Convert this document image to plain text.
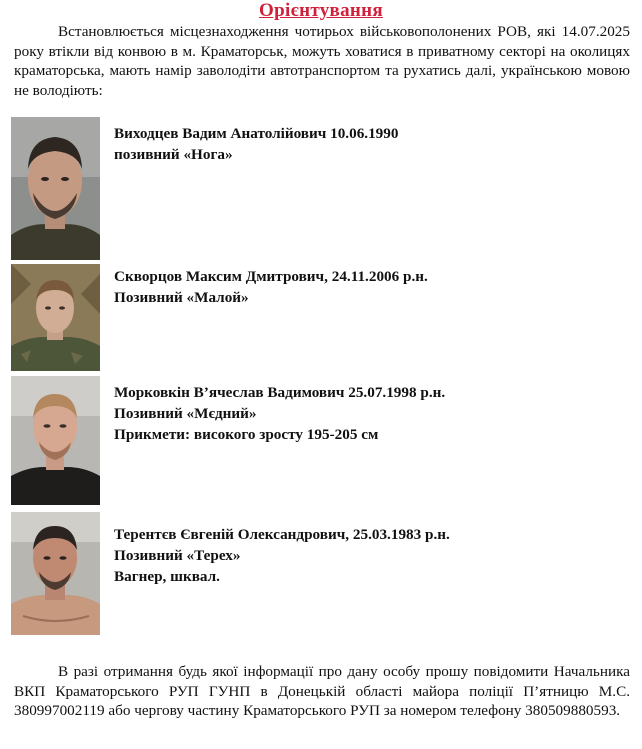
Орієнтування
Встановлюється місцезнаходження чотирьох військовополонених РОВ, які 14.07.2025 року втікли від конвою в м. Краматорськ, можуть ховатися в приватному секторі на околицях краматорська, мають намір заволодіти автотранспортом та рухатись далі, українською мовою не володіють:
Виходцев Вадим Анатолійович 10.06.1990
позивний «Нога»
Скворцов Максим Дмитрович, 24.11.2006 р.н.
Позивний «Малой»
Морковкін В’ячеслав Вадимович 25.07.1998 р.н.
Позивний «Мєдний»
Прикмети: високого зросту 195-205 см
Терентєв Євгеній Олександрович, 25.03.1983 р.н.
Позивний «Терех»
Вагнер, шквал.
В разі отримання будь якої інформації про дану особу прошу повідомити Начальника ВКП Краматорського РУП ГУНП в Донецькій області майора поліції П’ятницю М.С. 380997002119 або чергову частину Краматорського РУП за номером телефону 380509880593.
